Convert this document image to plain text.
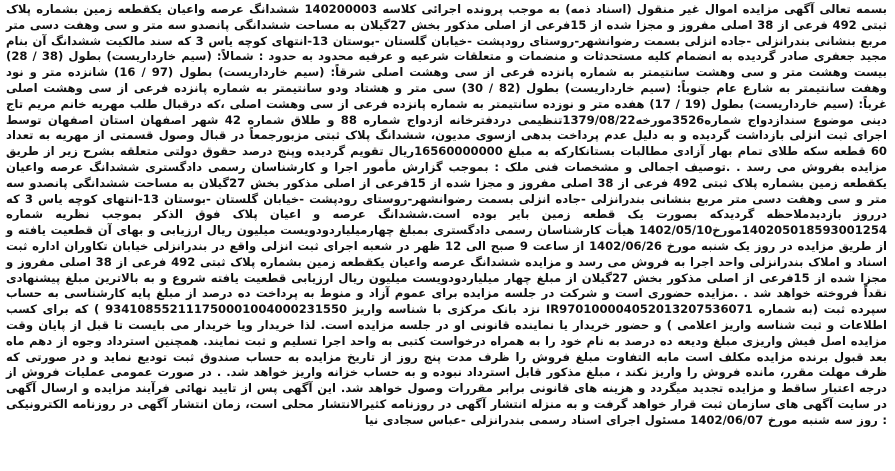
بسمه تعالی آگهی مزایده اموال غیر منقول (اسناد ذمه) به موجب پرونده اجرائی کلاسه 140200003 ششدانگ عرصه واعیان یکقطعه زمین بشماره پلاک ثبتی 492 فرعی از 38 اصلی مفروز و مجزا شده از 15فرعی از اصلی مذکور بخش 27گیلان به مساحت ششدانگی پانصدو سه متر و سی وهفت دسی متر مربع بنشانی بندرانزلی -جاده انزلی بسمت رضوانشهر-روستای رودپشت -خیابان گلستان -بوستان 13-انتهای کوچه یاس 3 که سند مالکیت ششدانگ آن بنام مجید جعفری صادر گردیده به انضمام کلیه مستحدثات و منضمات و متعلقات شرعیه و عرفیه محدود به حدود : شمالاً: (سیم خارداریست) بطول (38 / 28) بیست وهشت متر و سی وهشت سانتیمتر به شماره پانزده فرعی از سی وهشت اصلی شرقاً: (سیم خارداریست) بطول (97 / 16) شانزده متر و نود وهفت سانتیمتر به شارع عام جنوباً: (سیم خارداریست) بطول (82 / 30) سی متر و هشتاد ودو سانتیمتر به شماره پانزده فرعی از سی وهشت اصلی غرباً: (سیم خارداریست) بطول (19 / 17) هفده متر و نوزده سانتیمتر به شماره پانزده فرعی از سی وهشت اصلی ،که درقبال طلب مهریه خانم مریم تاج دینی موضوع سندازدواج شماره3526مورخه1379/08/22تنظیمی دردفترخانه ازدواج شماره 88 و طلاق شماره 42 شهر اصفهان استان اصفهان توسط اجرای ثبت انزلی بازداشت گردیده و به دلیل عدم پرداخت بدهی ازسوی مدیون، ششدانگ پلاک ثبتی مزبورجمعاً در قبال وصول قسمتی از مهریه به تعداد 60 قطعه سکه طلای تمام بهار آزادی مطالبات بستانکارکه به مبلغ 16560000000ریال تقویم گردیده وپنج درصد حقوق دولتی متعلقه بشرح زیر از طریق مزایده بفروش می رسد . .توصیف اجمالی و مشخصات فنی ملک : بموجب گزارش مأمور اجرا و کارشناسان رسمی دادگستری ششدانگ عرصه واعیان یکقطعه زمین بشماره پلاک ثبتی 492 فرعی از 38 اصلی مفروز و مجزا شده از 15فرعی از اصلی مذکور بخش 27گیلان به مساحت ششدانگی پانصدو سه متر و سی وهفت دسی متر مربع بنشانی بندرانزلی -جاده انزلی بسمت رضوانشهر-روستای رودپشت -خیابان گلستان -بوستان 13-انتهای کوچه یاس 3 که درروز بازدیدملاحظه گردیدکه بصورت یک قطعه زمین بایر بوده است.ششدانگ عرصه و اعیان پلاک فوق الذکر بموجب نظریه شماره 140205018593001254مورخ1402/05/10 هیأت کارشناسان رسمی دادگستری بمبلغ چهارمیلیاردودویست میلیون ریال ارزیابی و بهای آن قطعیت یافته و از طریق مزایده در روز یک شنبه مورخ 1402/06/26 از ساعت 9 صبح الی 12 ظهر در شعبه اجرای ثبت انزلی واقع در بندرانزلی خیابان تکاوران اداره ثبت اسناد و املاک بندرانزلی واحد اجرا به فروش می رسد و مزایده ششدانگ عرصه واعیان یکقطعه زمین بشماره پلاک ثبتی 492 فرعی از 38 اصلی مفروز و مجزا شده از 15فرعی از اصلی مذکور بخش 27گیلان از مبلغ چهار میلیاردودویست میلیون ریال ارزیابی قطعیت یافته شروع و به بالاترین مبلغ پیشنهادی نقداً فروخته خواهد شد . .مزایده حضوری است و شرکت در جلسه مزایده برای عموم آزاد و منوط به پرداخت ده درصد از مبلغ پایه کارشناسی به حساب سپرده ثبت (به شماره IR970100004052013207536071 نزد بانک مرکزی با شناسه واریز 934108552111750001004000231550 ) که برای کسب اطلاعات و ثبت شناسه واریز اعلامی ) و حضور خریدار یا نماینده قانونی او در جلسه مزایده است. لذا خریدار ویا خریدار می بایست تا قبل از پایان وقت مزایده اصل فیش واریزی مبلغ ودیعه ده درصد به نام خود را به همراه درخواست کتبی به واحد اجرا تسلیم و ثبت نمایند. همچنین استرداد وجوه از دهم ماه بعد قبول برنده مزایده مکلف است مابه التفاوت مبلغ فروش را ظرف مدت پنج روز از تاریخ مزایده به حساب صندوق ثبت تودیع نماید و در صورتی که ظرف مهلت مقرر، مانده فروش را واریز نکند ، مبلغ مذکور قابل استرداد نبوده و به حساب خزانه واریز خواهد شد. . در صورت عمومی عملیات فروش از درجه اعتبار ساقط و مزایده تجدید میگردد و هزینه های قانونی برابر مقررات وصول خواهد شد. این آگهی پس از تایید نهائی فرآیند مزایده و ارسال آگهی در سایت آگهی های سازمان ثبت قرار خواهد گرفت و به منزله انتشار آگهی در روزنامه کثیرالانتشار محلی است، زمان انتشار آگهی در روزنامه الکترونیکی : روز سه شنبه مورخ 1402/06/07 مسئول اجرای اسناد رسمی بندرانزلی -عباس سجادی نیا
